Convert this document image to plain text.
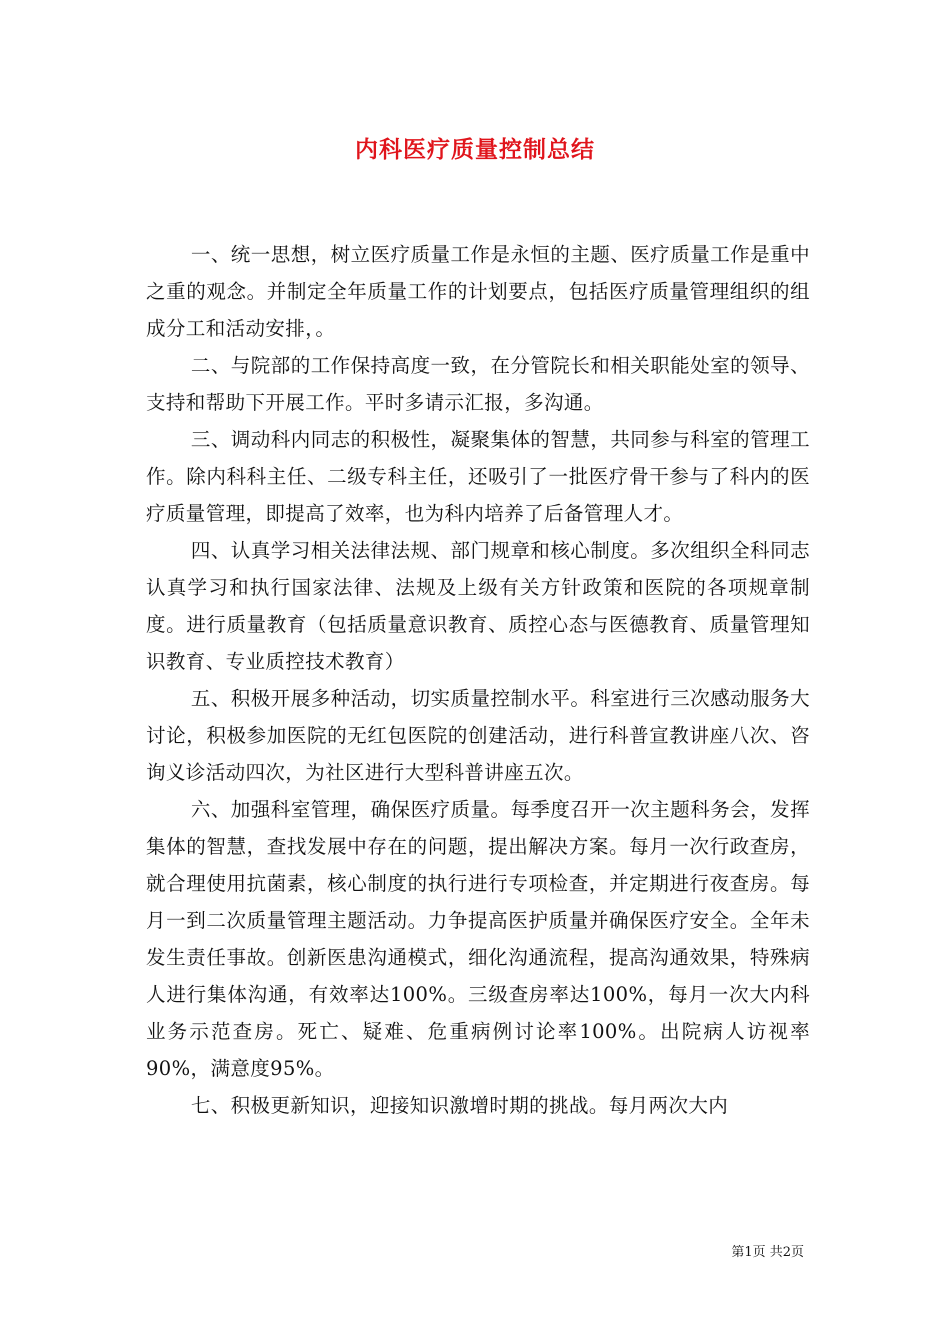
内科医疗质量控制总结

一、统一思想，树立医疗质量工作是永恒的主题、医疗质量工作是重中之重的观念。并制定全年质量工作的计划要点，包括医疗质量管理组织的组成分工和活动安排，。

二、与院部的工作保持高度一致，在分管院长和相关职能处室的领导、支持和帮助下开展工作。平时多请示汇报，多沟通。

三、调动科内同志的积极性，凝聚集体的智慧，共同参与科室的管理工作。除内科科主任、二级专科主任，还吸引了一批医疗骨干参与了科内的医疗质量管理，即提高了效率，也为科内培养了后备管理人才。

四、认真学习相关法律法规、部门规章和核心制度。多次组织全科同志认真学习和执行国家法律、法规及上级有关方针政策和医院的各项规章制度。进行质量教育（包括质量意识教育、质控心态与医德教育、质量管理知识教育、专业质控技术教育）

五、积极开展多种活动，切实质量控制水平。科室进行三次感动服务大讨论，积极参加医院的无红包医院的创建活动，进行科普宣教讲座八次、咨询义诊活动四次，为社区进行大型科普讲座五次。

六、加强科室管理，确保医疗质量。每季度召开一次主题科务会，发挥集体的智慧，查找发展中存在的问题，提出解决方案。每月一次行政查房，就合理使用抗菌素，核心制度的执行进行专项检查，并定期进行夜查房。每月一到二次质量管理主题活动。力争提高医护质量并确保医疗安全。全年未发生责任事故。创新医患沟通模式，细化沟通流程，提高沟通效果，特殊病人进行集体沟通，有效率达100%。三级查房率达100%，每月一次大内科业务示范查房。死亡、疑难、危重病例讨论率100%。出院病人访视率90%，满意度95%。

七、积极更新知识，迎接知识激增时期的挑战。每月两次大内

第1页 共2页
